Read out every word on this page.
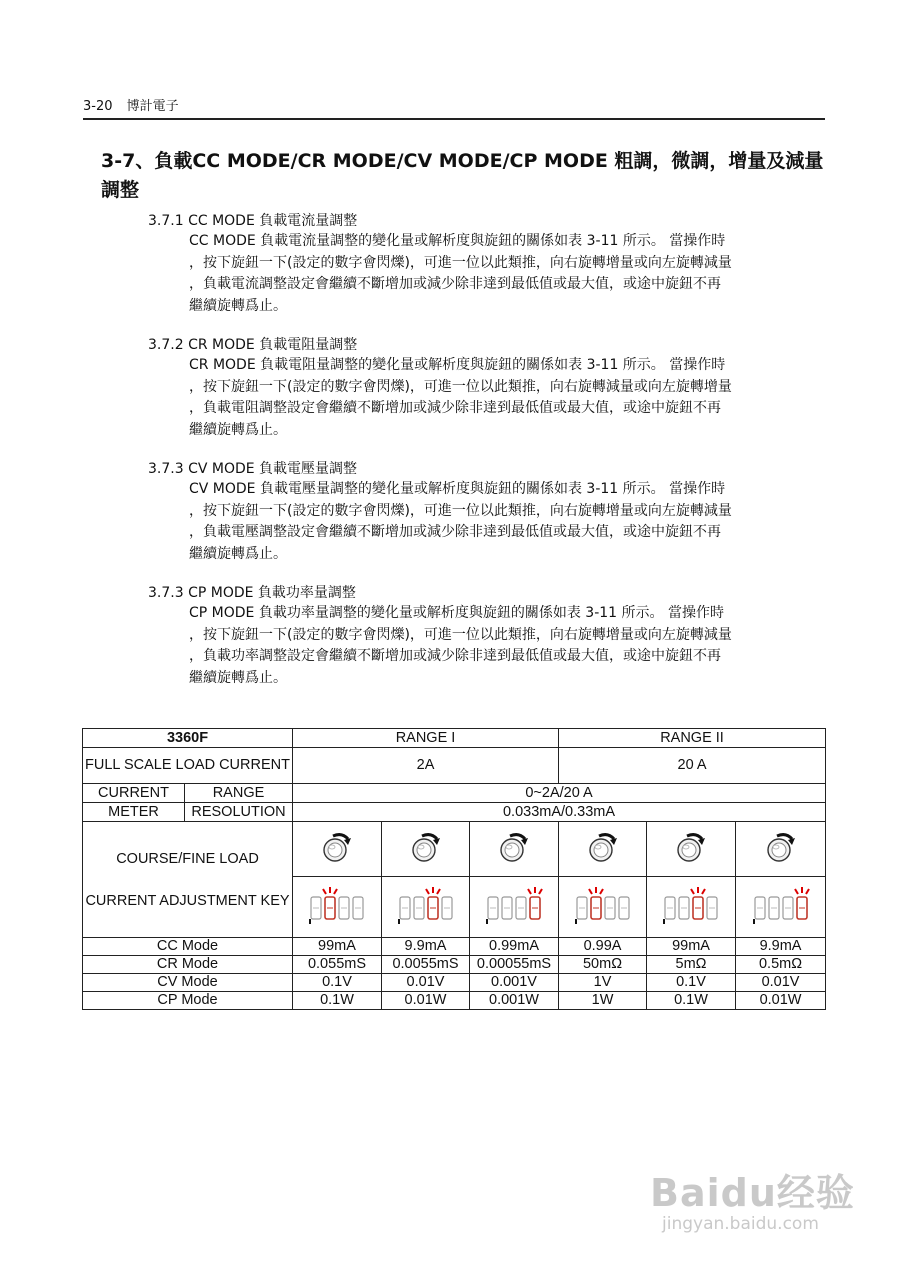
3-20 博計電子
3-7、負載CC MODE/CR MODE/CV MODE/CP MODE 粗調，微調，增量及減量調整
3.7.1 CC MODE 負載電流量調整

CC MODE 負載電流量調整的變化量或解析度與旋鈕的關係如表 3-11 所示。 當操作時

，按下旋鈕一下(設定的數字會閃爍)，可進一位以此類推，向右旋轉增量或向左旋轉減量

，負載電流調整設定會繼續不斷增加或減少除非達到最低值或最大值，或途中旋鈕不再

繼續旋轉爲止。

3.7.2 CR MODE 負載電阻量調整

CR MODE 負載電阻量調整的變化量或解析度與旋鈕的關係如表 3-11 所示。 當操作時

，按下旋鈕一下(設定的數字會閃爍)，可進一位以此類推，向右旋轉減量或向左旋轉增量

，負載電阻調整設定會繼續不斷增加或減少除非達到最低值或最大值，或途中旋鈕不再

繼續旋轉爲止。

3.7.3 CV MODE 負載電壓量調整

CV MODE 負載電壓量調整的變化量或解析度與旋鈕的關係如表 3-11 所示。 當操作時

，按下旋鈕一下(設定的數字會閃爍)，可進一位以此類推，向右旋轉增量或向左旋轉減量

，負載電壓調整設定會繼續不斷增加或減少除非達到最低值或最大值，或途中旋鈕不再

繼續旋轉爲止。

3.7.3 CP MODE 負載功率量調整

CP MODE 負載功率量調整的變化量或解析度與旋鈕的關係如表 3-11 所示。 當操作時

，按下旋鈕一下(設定的數字會閃爍)，可進一位以此類推，向右旋轉增量或向左旋轉減量

，負載功率調整設定會繼續不斷增加或減少除非達到最低值或最大值，或途中旋鈕不再

繼續旋轉爲止。

3360F		RANGE I			RANGE II		
FULL SCALE LOAD CURRENT		2A			20 A		
CURRENT	RANGE	0~2A/20 A					
METER	RESOLUTION	0.033mA/0.33mA					

COURSE/FINE LOAD
CURRENT ADJUSTMENT KEY

CC Mode		99mA	9.9mA	0.99mA	0.99A	99mA	9.9mA
CR Mode		0.055mS	0.0055mS	0.00055mS	50mΩ	5mΩ	0.5mΩ
CV Mode		0.1V	0.01V	0.001V	1V	0.1V	0.01V
CP Mode		0.1W	0.01W	0.001W	1W	0.1W	0.01W
Baidu经验
jingyan.baidu.com
